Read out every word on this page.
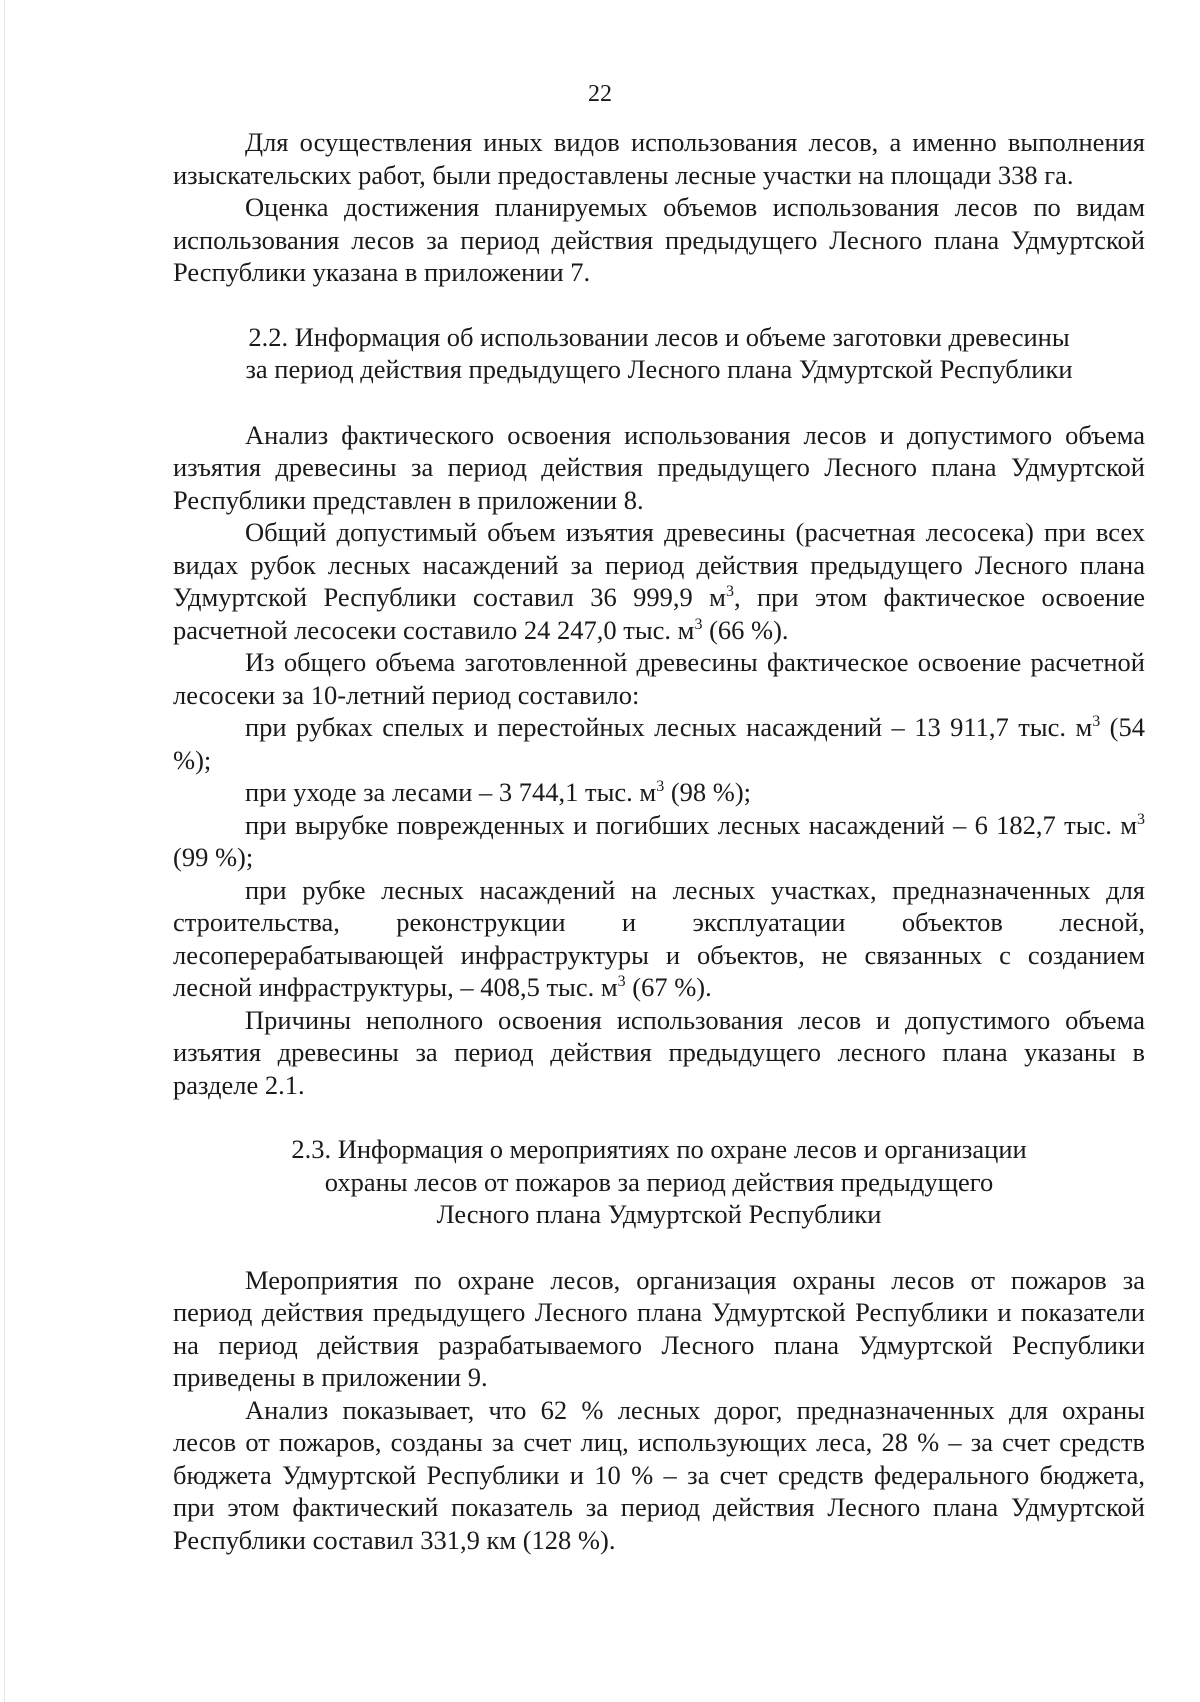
22

Для осуществления иных видов использования лесов, а именно выполнения изыскательских работ, были предоставлены лесные участки на площади 338 га.

Оценка достижения планируемых объемов использования лесов по видам использования лесов за период действия предыдущего Лесного плана Удмуртской Республики указана в приложении 7.

2.2. Информация об использовании лесов и объеме заготовки древесины
за период действия предыдущего Лесного плана Удмуртской Республики

Анализ фактического освоения использования лесов и допустимого объема изъятия древесины за период действия предыдущего Лесного плана Удмуртской Республики представлен в приложении 8.

Общий допустимый объем изъятия древесины (расчетная лесосека) при всех видах рубок лесных насаждений за период действия предыдущего Лесного плана Удмуртской Республики составил 36 999,9 $м^3$, при этом фактическое освоение расчетной лесосеки составило 24 247,0 тыс. $м^3$ (66 %).

Из общего объема заготовленной древесины фактическое освоение расчетной лесосеки за 10-летний период составило:

при рубках спелых и перестойных лесных насаждений – 13 911,7 тыс. $м^3$ (54 %);

при уходе за лесами – 3 744,1 тыс. $м^3$ (98 %);

при вырубке поврежденных и погибших лесных насаждений – 6 182,7 тыс. $м^3$ (99 %);

при рубке лесных насаждений на лесных участках, предназначенных для строительства, реконструкции и эксплуатации объектов лесной, лесоперерабатывающей инфраструктуры и объектов, не связанных с созданием лесной инфраструктуры, – 408,5 тыс. $м^3$ (67 %).

Причины неполного освоения использования лесов и допустимого объема изъятия древесины за период действия предыдущего лесного плана указаны в разделе 2.1.

2.3. Информация о мероприятиях по охране лесов и организации
охраны лесов от пожаров за период действия предыдущего
Лесного плана Удмуртской Республики

Мероприятия по охране лесов, организация охраны лесов от пожаров за период действия предыдущего Лесного плана Удмуртской Республики и показатели на период действия разрабатываемого Лесного плана Удмуртской Республики приведены в приложении 9.

Анализ показывает, что 62 % лесных дорог, предназначенных для охраны лесов от пожаров, созданы за счет лиц, использующих леса, 28 % – за счет средств бюджета Удмуртской Республики и 10 % – за счет средств федерального бюджета, при этом фактический показатель за период действия Лесного плана Удмуртской Республики составил 331,9 км (128 %).
